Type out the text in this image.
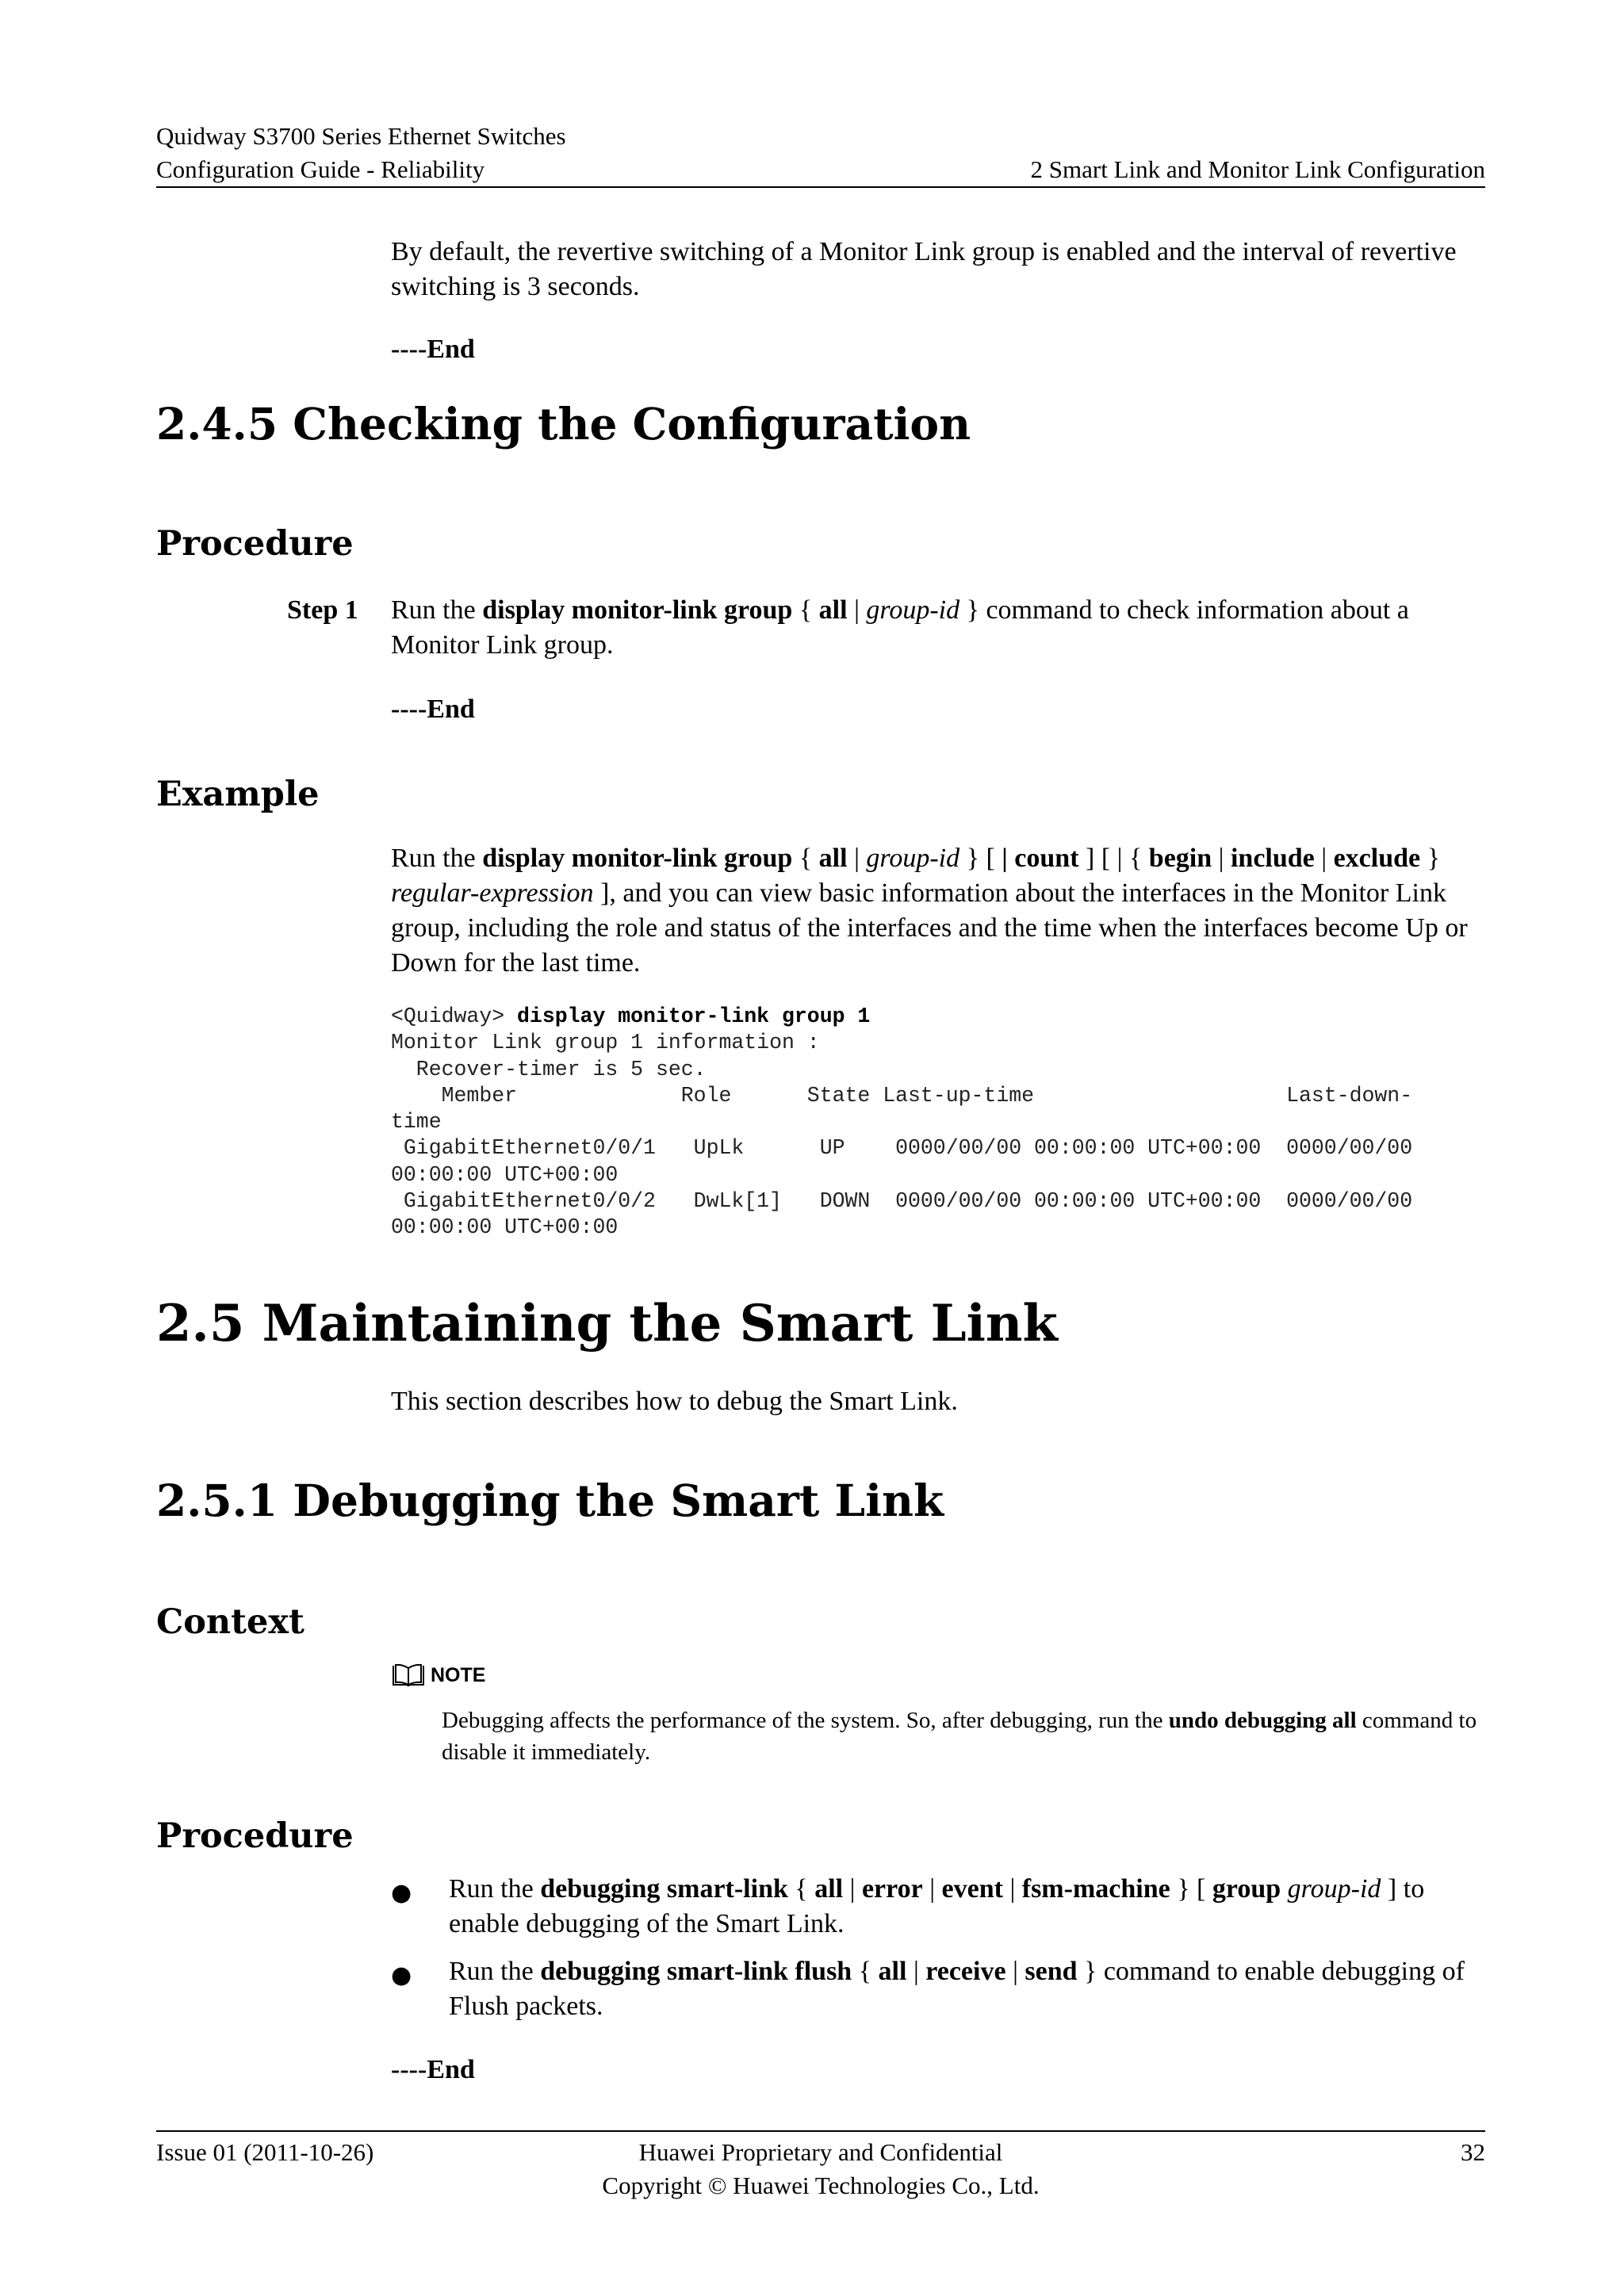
Quidway S3700 Series Ethernet Switches
Configuration Guide - Reliability	2 Smart Link and Monitor Link Configuration
By default, the revertive switching of a Monitor Link group is enabled and the interval of revertive switching is 3 seconds.
----End
2.4.5 Checking the Configuration
Procedure
Step 1 Run the display monitor-link group { all | group-id } command to check information about a Monitor Link group.
----End
Example
Run the display monitor-link group { all | group-id } [ | count ] [ | { begin | include | exclude } regular-expression ], and you can view basic information about the interfaces in the Monitor Link group, including the role and status of the interfaces and the time when the interfaces become Up or Down for the last time.
<Quidway> display monitor-link group 1
Monitor Link group 1 information :
Recover-timer is 5 sec.
Member             Role      State Last-up-time                    Last-down-
time
GigabitEthernet0/0/1   UpLk      UP    0000/00/00 00:00:00 UTC+00:00  0000/00/00
00:00:00 UTC+00:00
GigabitEthernet0/0/2   DwLk[1]   DOWN  0000/00/00 00:00:00 UTC+00:00  0000/00/00
00:00:00 UTC+00:00
2.5 Maintaining the Smart Link
This section describes how to debug the Smart Link.
2.5.1 Debugging the Smart Link
Context
NOTE
Debugging affects the performance of the system. So, after debugging, run the undo debugging all command to disable it immediately.
Procedure
● Run the debugging smart-link { all | error | event | fsm-machine } [ group group-id ] to enable debugging of the Smart Link.
● Run the debugging smart-link flush { all | receive | send } command to enable debugging of Flush packets.
----End
Issue 01 (2011-10-26)	Huawei Proprietary and Confidential
Copyright © Huawei Technologies Co., Ltd.
32
